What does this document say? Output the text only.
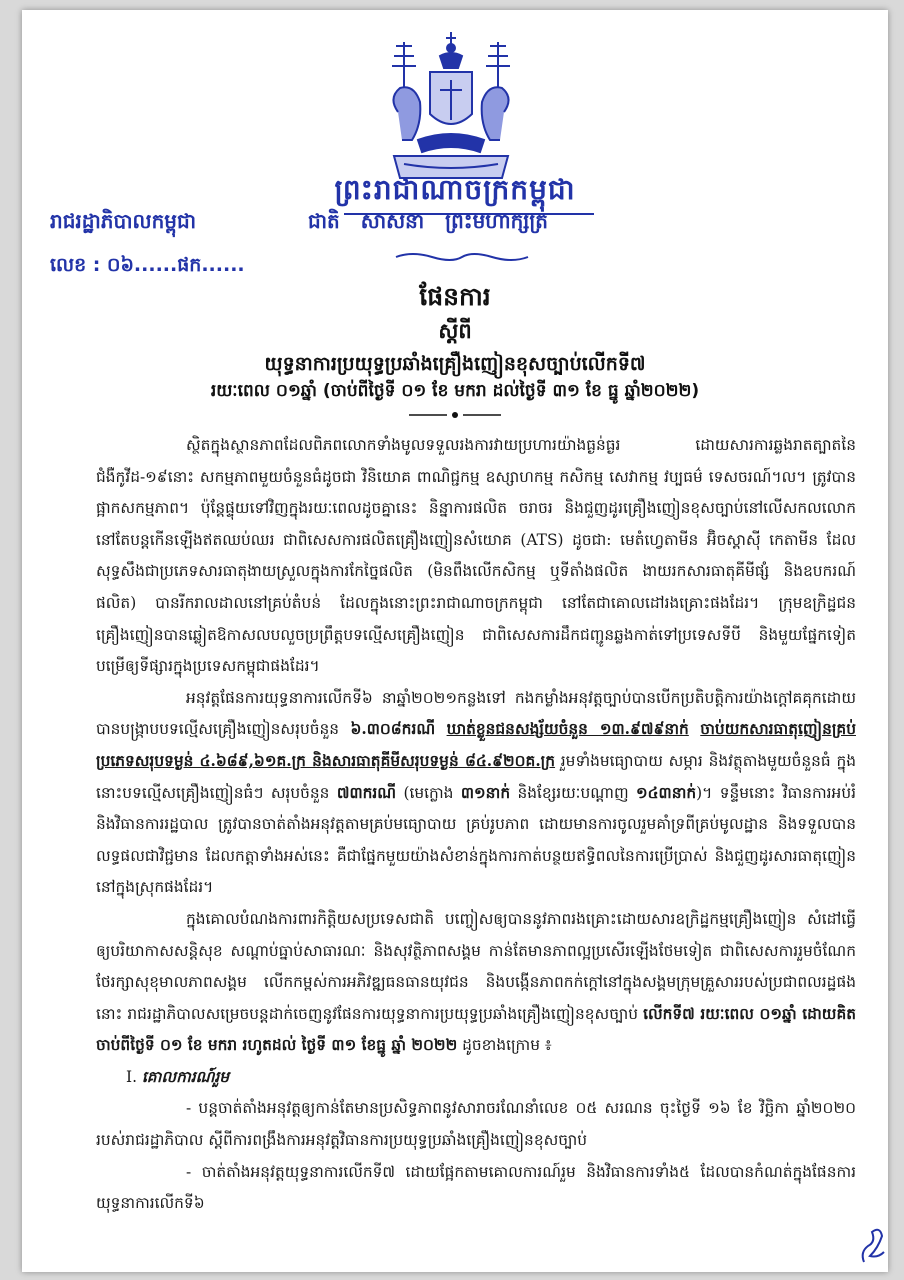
ព្រះរាជាណាចក្រកម្ពុជា
រាជរដ្ឋាភិបាលកម្ពុជា	ជាតិ សាសនា ព្រះមហាក្សត្រ
លេខ : ០៦......ផក......
ផែនការ
ស្ដីពី
យុទ្ធនាការប្រយុទ្ធប្រឆាំងគ្រឿងញៀនខុសច្បាប់លើកទី៧
រយៈពេល ០១ឆ្នាំ (ចាប់ពីថ្ងៃទី ០១ ខែ មករា ដល់ថ្ងៃទី ៣១ ខែ ធ្នូ ឆ្នាំ២០២២)

ស្ថិតក្នុងស្ថានភាពដែលពិភពលោកទាំងមូលទទួលរងការវាយប្រហារយ៉ាងធ្ងន់ធ្ងរ ដោយសារការឆ្លងរាតត្បាតនៃជំងឺកូវីដ-១៩នោះ សកម្មភាពមួយចំនួនធំដូចជា វិនិយោគ ពាណិជ្ជកម្ម ឧស្សាហកម្ម កសិកម្ម សេវាកម្ម វប្បធម៌ ទេសចរណ៍។ល។ ត្រូវបានផ្អាកសកម្មភាព។ ប៉ុន្តែផ្ទុយទៅវិញក្នុងរយៈពេលដូចគ្នានេះ និន្នាការផលិត ចរាចរ និងជួញដូរគ្រឿងញៀនខុសច្បាប់នៅលើសកលលោក នៅតែបន្តកើនឡើងឥតឈប់ឈរ ជាពិសេសការផលិតគ្រឿងញៀនសំយោគ (ATS) ដូចជា: មេតំហ្វេតាមីន អ៊ិចស្តាស៊ី កេតាមីន ដែលសុទ្ធសឹងជាប្រភេទសារធាតុងាយស្រួលក្នុងការកែច្នៃផលិត (មិនពឹងលើកសិកម្ម ឬទីតាំងផលិត ងាយរកសារធាតុគីមីផ្សំ និងឧបករណ៍ផលិត) បានរីករាលដាលនៅគ្រប់តំបន់ ដែលក្នុងនោះព្រះរាជាណាចក្រកម្ពុជា នៅតែជាគោលដៅរងគ្រោះផងដែរ។ ក្រុមឧក្រិដ្ឋជនគ្រឿងញៀនបានឆ្លៀតឱកាសលបលួចប្រព្រឹត្តបទល្មើសគ្រឿងញៀន ជាពិសេសការដឹកជញ្ជូនឆ្លងកាត់ទៅប្រទេសទីបី និងមួយផ្នែកទៀតបម្រើឲ្យទីផ្សារក្នុងប្រទេសកម្ពុជាផងដែរ។

អនុវត្តផែនការយុទ្ធនាការលើកទី៦ នាឆ្នាំ២០២១កន្លងទៅ កងកម្លាំងអនុវត្តច្បាប់បានបើកប្រតិបត្តិការយ៉ាងក្តៅគគុកដោយបានបង្ក្រាបបទល្មើសគ្រឿងញៀនសរុបចំនួន ៦.៣០៨ករណី ឃាត់ខ្លួនជនសង្ស័យចំនួន ១៣.៩៧៩នាក់ ចាប់យកសារធាតុញៀនគ្រប់ប្រភេទសរុបទម្ងន់ ៤.៦៨៩,៦១គ.ក្រ និងសារធាតុគីមីសរុបទម្ងន់ ៨៤.៩២០គ.ក្រ រួមទាំងមធ្យោបាយ សម្ភារ និងវត្ថុតាងមួយចំនួនធំ ក្នុងនោះបទល្មើសគ្រឿងញៀនធំៗ សរុបចំនួន ៧៣ករណី (មេក្លោង ៣១នាក់ និងខ្សែរយៈបណ្តាញ ១៤៣នាក់)។ ទន្ទឹមនោះ វិធានការអប់រំ និងវិធានការរដ្ឋបាល ត្រូវបានចាត់តាំងអនុវត្តតាមគ្រប់មធ្យោបាយ គ្រប់រូបភាព ដោយមានការចូលរួមគាំទ្រពីគ្រប់មូលដ្ឋាន និងទទួលបានលទ្ធផលជាវិជ្ជមាន ដែលកត្តាទាំងអស់នេះ គឺជាផ្នែកមួយយ៉ាងសំខាន់ក្នុងការកាត់បន្ថយឥទ្ធិពលនៃការប្រើប្រាស់ និងជួញដូរសារធាតុញៀននៅក្នុងស្រុកផងដែរ។

ក្នុងគោលបំណងការពារកិត្តិយសប្រទេសជាតិ បញ្ចៀសឲ្យបាននូវភាពរងគ្រោះដោយសារឧក្រិដ្ឋកម្មគ្រឿងញៀន សំដៅធ្វើឲ្យបរិយាកាសសន្តិសុខ សណ្តាប់ធ្នាប់សាធារណៈ និងសុវត្ថិភាពសង្គម កាន់តែមានភាពល្អប្រសើរឡើងថែមទៀត ជាពិសេសការរួមចំណែកថែរក្សាសុខុមាលភាពសង្គម លើកកម្ពស់ការអភិវឌ្ឍធនធានយុវជន និងបង្កើនភាពកក់ក្ដៅនៅក្នុងសង្គមក្រុមគ្រួសាររបស់ប្រជាពលរដ្ឋផងនោះ រាជរដ្ឋាភិបាលសម្រេចបន្តដាក់ចេញនូវផែនការយុទ្ធនាការប្រយុទ្ធប្រឆាំងគ្រឿងញៀនខុសច្បាប់ លើកទី៧ រយៈពេល ០១ឆ្នាំ ដោយគិតចាប់ពីថ្ងៃទី ០១ ខែ មករា រហូតដល់ ថ្ងៃទី ៣១ ខែធ្នូ ឆ្នាំ ២០២២ ដូចខាងក្រោម ៖

I. គោលការណ៍រួម

- បន្តចាត់តាំងអនុវត្តឲ្យកាន់តែមានប្រសិទ្ធភាពនូវសារាចរណែនាំលេខ ០៥ សរណន ចុះថ្ងៃទី ១៦ ខែ វិច្ឆិកា ឆ្នាំ២០២០ របស់រាជរដ្ឋាភិបាល ស្ដីពីការពង្រឹងការអនុវត្តវិធានការប្រយុទ្ធប្រឆាំងគ្រឿងញៀនខុសច្បាប់

- ចាត់តាំងអនុវត្តយុទ្ធនាការលើកទី៧ ដោយផ្អែកតាមគោលការណ៍រួម និងវិធានការទាំង៥ ដែលបានកំណត់ក្នុងផែនការយុទ្ធនាការលើកទី៦
